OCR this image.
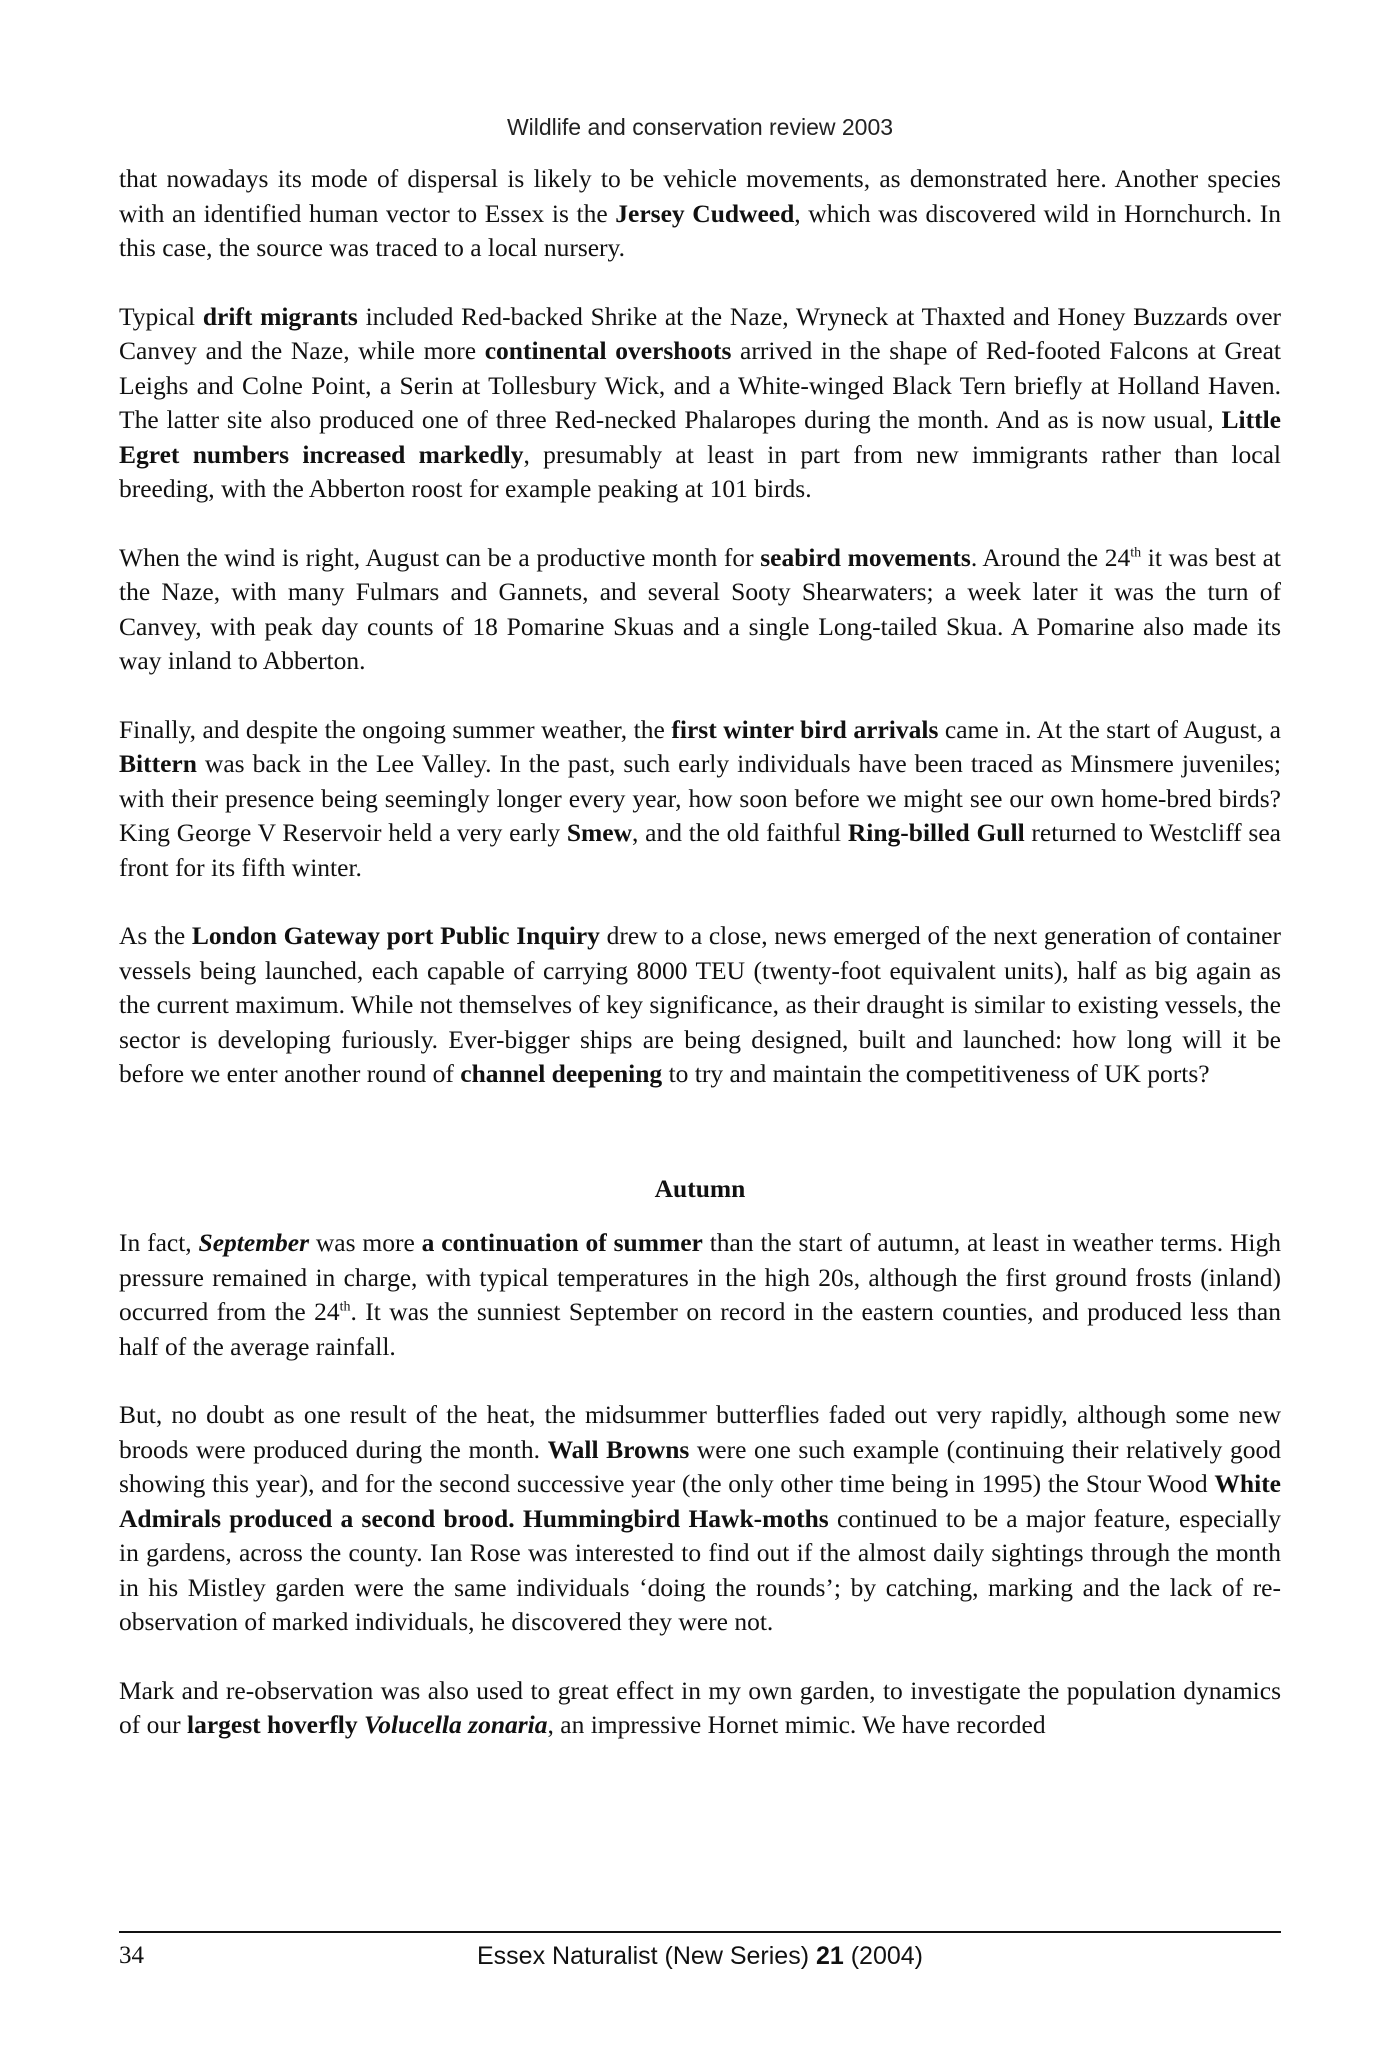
Wildlife and conservation review 2003

that nowadays its mode of dispersal is likely to be vehicle movements, as demonstrated here. Another species with an identified human vector to Essex is the Jersey Cudweed, which was discovered wild in Hornchurch. In this case, the source was traced to a local nursery.

Typical drift migrants included Red-backed Shrike at the Naze, Wryneck at Thaxted and Honey Buzzards over Canvey and the Naze, while more continental overshoots arrived in the shape of Red-footed Falcons at Great Leighs and Colne Point, a Serin at Tollesbury Wick, and a White-winged Black Tern briefly at Holland Haven. The latter site also produced one of three Red-necked Phalaropes during the month. And as is now usual, Little Egret numbers increased markedly, presumably at least in part from new immigrants rather than local breeding, with the Abberton roost for example peaking at 101 birds.

When the wind is right, August can be a productive month for seabird movements. Around the 24th it was best at the Naze, with many Fulmars and Gannets, and several Sooty Shearwaters; a week later it was the turn of Canvey, with peak day counts of 18 Pomarine Skuas and a single Long-tailed Skua. A Pomarine also made its way inland to Abberton.

Finally, and despite the ongoing summer weather, the first winter bird arrivals came in. At the start of August, a Bittern was back in the Lee Valley. In the past, such early individuals have been traced as Minsmere juveniles; with their presence being seemingly longer every year, how soon before we might see our own home-bred birds? King George V Reservoir held a very early Smew, and the old faithful Ring-billed Gull returned to Westcliff sea front for its fifth winter.

As the London Gateway port Public Inquiry drew to a close, news emerged of the next generation of container vessels being launched, each capable of carrying 8000 TEU (twenty-foot equivalent units), half as big again as the current maximum. While not themselves of key significance, as their draught is similar to existing vessels, the sector is developing furiously. Ever-bigger ships are being designed, built and launched: how long will it be before we enter another round of channel deepening to try and maintain the competitiveness of UK ports?

Autumn

In fact, September was more a continuation of summer than the start of autumn, at least in weather terms. High pressure remained in charge, with typical temperatures in the high 20s, although the first ground frosts (inland) occurred from the 24th. It was the sunniest September on record in the eastern counties, and produced less than half of the average rainfall.

But, no doubt as one result of the heat, the midsummer butterflies faded out very rapidly, although some new broods were produced during the month. Wall Browns were one such example (continuing their relatively good showing this year), and for the second successive year (the only other time being in 1995) the Stour Wood White Admirals produced a second brood. Hummingbird Hawk-moths continued to be a major feature, especially in gardens, across the county. Ian Rose was interested to find out if the almost daily sightings through the month in his Mistley garden were the same individuals ‘doing the rounds’; by catching, marking and the lack of re-observation of marked individuals, he discovered they were not.

Mark and re-observation was also used to great effect in my own garden, to investigate the population dynamics of our largest hoverfly Volucella zonaria, an impressive Hornet mimic. We have recorded

34	Essex Naturalist (New Series) 21 (2004)
